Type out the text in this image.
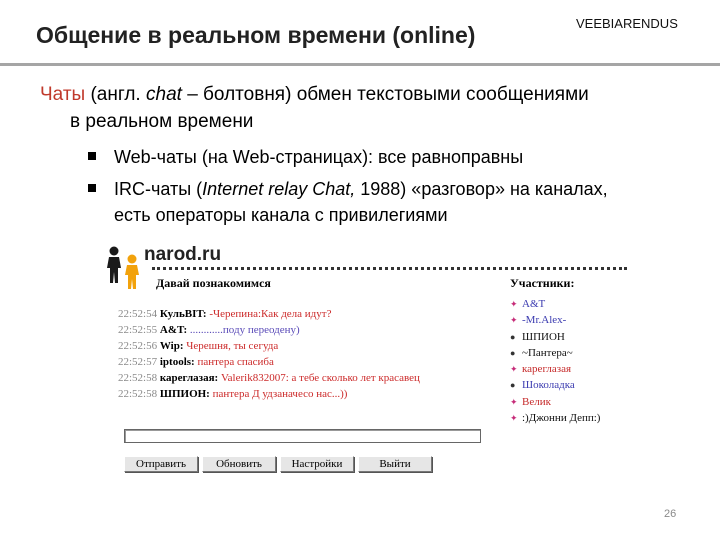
Общение в реальном времени (online)	VEEBIARENDUS
Чаты (англ. chat – болтовня) обмен текстовыми сообщениями
в реальном времени
Web-чаты (на Web-страницах): все равноправны
IRC-чаты (Internet relay Chat, 1988) «разговор» на каналах,
есть операторы канала с привилегиями
narod.ru
Давай познакомимся	Участники:
22:52:54 КульBIT: -Черепина:Как дела идут?
22:52:55 A&T: ............поду переодену)
22:52:56 Wip: Черешня, ты сегуда
22:52:57 iptools: пантера спасиба
22:52:58 кареглазая: Valerik832007: а тебе сколько лет красавец
22:52:58 ШПИОН: пантера Д удзаначесо нас...))
✦ A&T
✦ -Mr.Alex-
● ШПИОН
● ~Пантера~
✦ кареглазая
● Шоколадка
✦ Велик
✦ :)Джонни Депп:)
Отправить	Обновить	Настройки	Выйти
26
